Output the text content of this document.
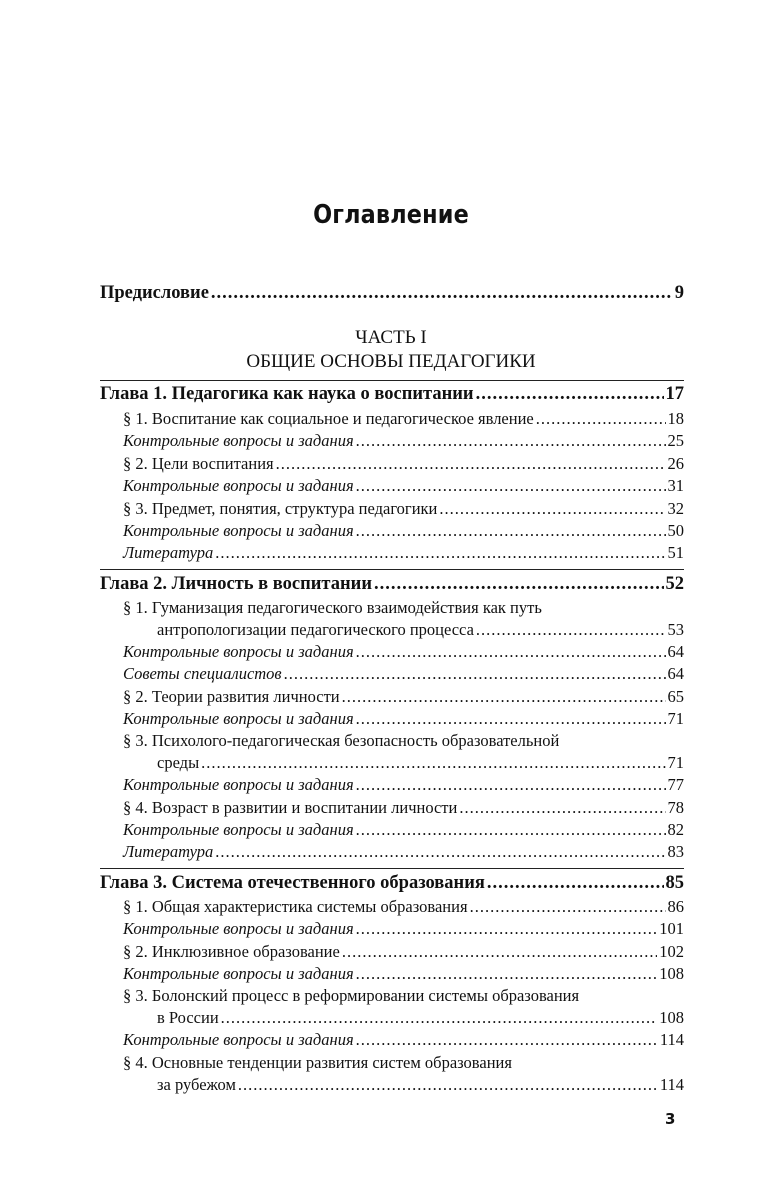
Оглавление
Предисловие .....	9
ЧАСТЬ I
ОБЩИЕ ОСНОВЫ ПЕДАГОГИКИ
Глава 1. Педагогика как наука о воспитании .....	17
§ 1. Воспитание как социальное и педагогическое явление .....	18
Контрольные вопросы и задания .....	25
§ 2. Цели воспитания .....	26
Контрольные вопросы и задания .....	31
§ 3. Предмет, понятия, структура педагогики .....	32
Контрольные вопросы и задания .....	50
Литература .....	51
Глава 2. Личность в воспитании .....	52
§ 1. Гуманизация педагогического взаимодействия как путь
антропологизации педагогического процесса .....	53
Контрольные вопросы и задания .....	64
Советы специалистов .....	64
§ 2. Теории развития личности .....	65
Контрольные вопросы и задания .....	71
§ 3. Психолого-педагогическая безопасность образовательной
среды .....	71
Контрольные вопросы и задания .....	77
§ 4. Возраст в развитии и воспитании личности .....	78
Контрольные вопросы и задания .....	82
Литература .....	83
Глава 3. Система отечественного образования .....	85
§ 1. Общая характеристика системы образования .....	86
Контрольные вопросы и задания .....	101
§ 2. Инклюзивное образование .....	102
Контрольные вопросы и задания .....	108
§ 3. Болонский процесс в реформировании системы образования
в России .....	108
Контрольные вопросы и задания .....	114
§ 4. Основные тенденции развития систем образования
за рубежом .....	114
3
